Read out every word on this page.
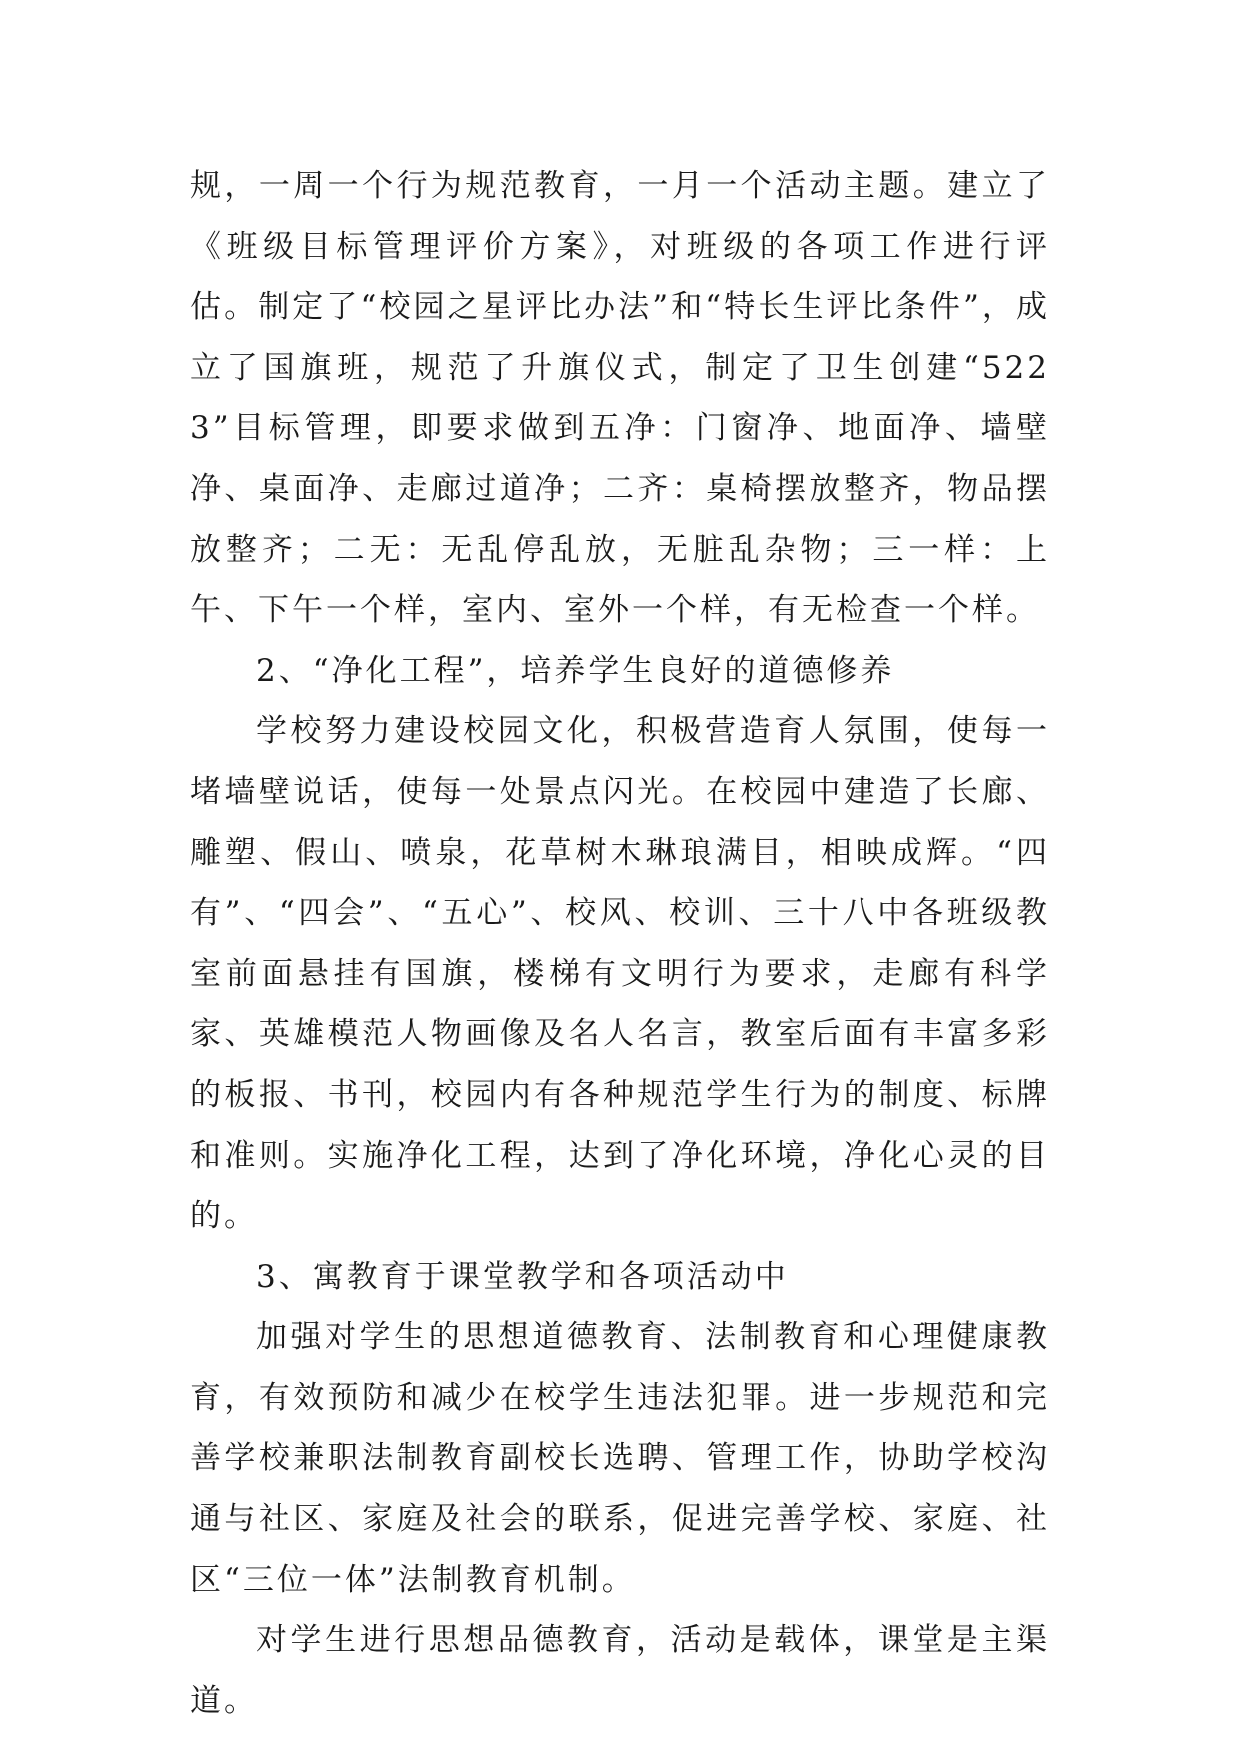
规，一周一个行为规范教育，一月一个活动主题。建立了《班级目标管理评价方案》，对班级的各项工作进行评估。制定了“校园之星评比办法”和“特长生评比条件”，成立了国旗班，规范了升旗仪式，制定了卫生创建“5223”目标管理，即要求做到五净：门窗净、地面净、墙壁净、桌面净、走廊过道净；二齐：桌椅摆放整齐，物品摆放整齐；二无：无乱停乱放，无脏乱杂物；三一样：上午、下午一个样，室内、室外一个样，有无检查一个样。

2、“净化工程”，培养学生良好的道德修养

学校努力建设校园文化，积极营造育人氛围，使每一堵墙壁说话，使每一处景点闪光。在校园中建造了长廊、雕塑、假山、喷泉，花草树木琳琅满目，相映成辉。“四有”、“四会”、“五心”、校风、校训、三十八中各班级教室前面悬挂有国旗，楼梯有文明行为要求，走廊有科学家、英雄模范人物画像及名人名言，教室后面有丰富多彩的板报、书刊，校园内有各种规范学生行为的制度、标牌和准则。实施净化工程，达到了净化环境，净化心灵的目的。

3、寓教育于课堂教学和各项活动中

加强对学生的思想道德教育、法制教育和心理健康教育，有效预防和减少在校学生违法犯罪。进一步规范和完善学校兼职法制教育副校长选聘、管理工作，协助学校沟通与社区、家庭及社会的联系，促进完善学校、家庭、社区“三位一体”法制教育机制。

对学生进行思想品德教育，活动是载体，课堂是主渠道。
